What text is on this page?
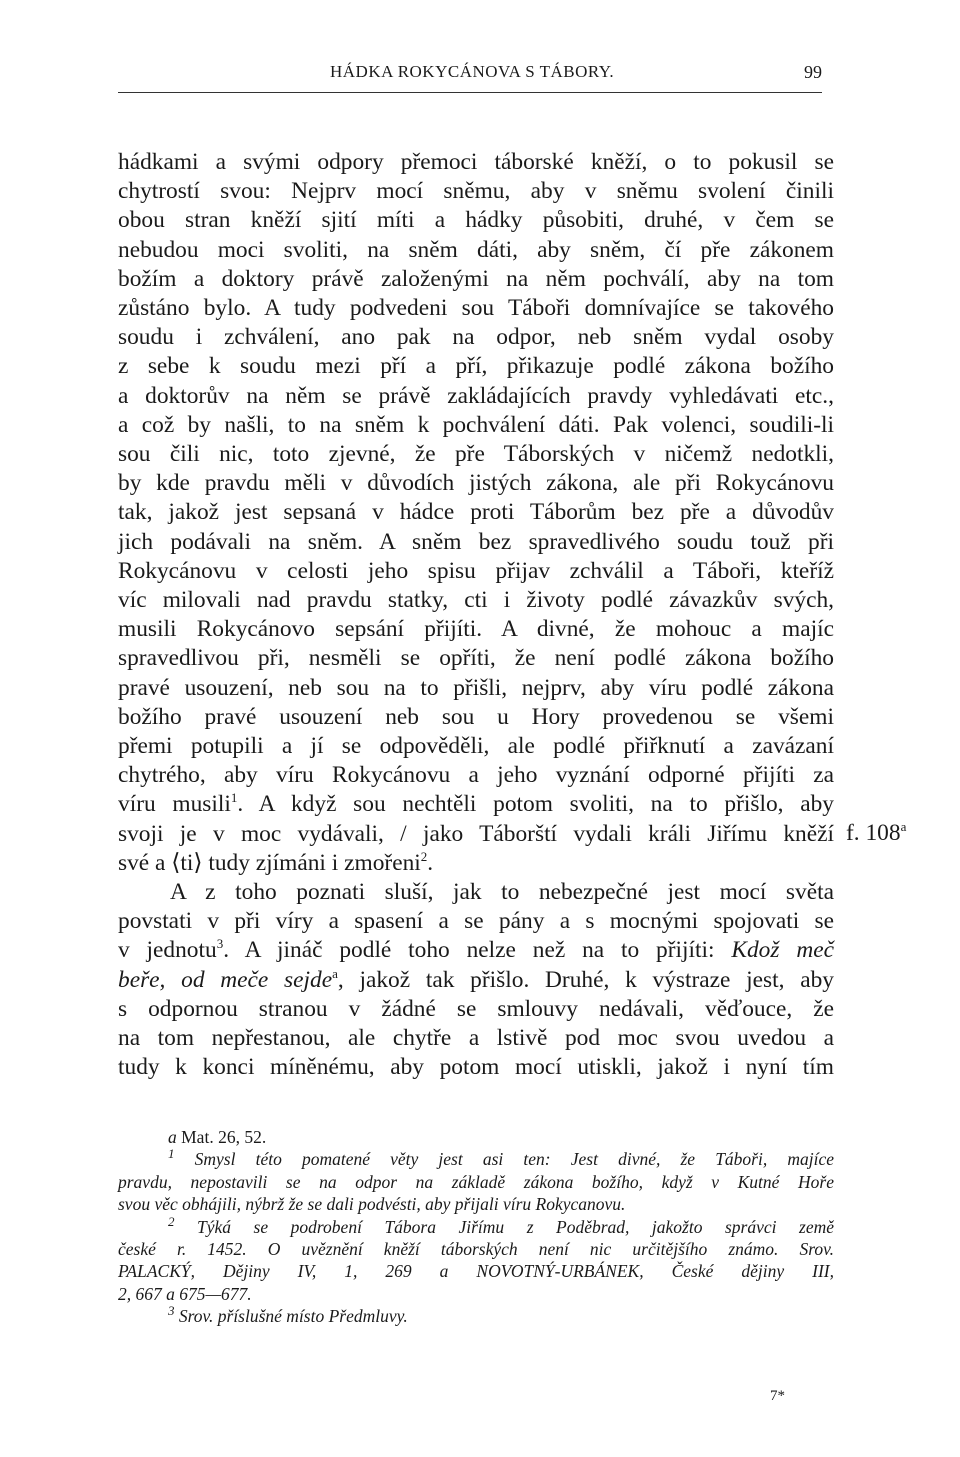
HÁDKA ROKYCÁNOVA S TÁBORY.	99
hádkami a svými odpory přemoci táborské kněží, o to pokusil se
chytrostí svou: Nejprv mocí sněmu, aby v sněmu svolení činili
obou stran kněží sjití míti a hádky působiti, druhé, v čem se
nebudou moci svoliti, na sněm dáti, aby sněm, čí pře zákonem
božím a doktory právě založenými na něm pochválí, aby na tom
zůstáno bylo. A tudy podvedeni sou Táboři domnívajíce se takového
soudu i zchválení, ano pak na odpor, neb sněm vydal osoby
z sebe k soudu mezi pří a pří, přikazuje podlé zákona božího
a doktorův na něm se právě zakládajících pravdy vyhledávati etc.,
a což by našli, to na sněm k pochválení dáti. Pak volenci, soudili-li
sou čili nic, toto zjevné, že pře Táborských v ničemž nedotkli,
by kde pravdu měli v důvodích jistých zákona, ale při Rokycánovu
tak, jakož jest sepsaná v hádce proti Táborům bez pře a důvodův
jich podávali na sněm. A sněm bez spravedlivého soudu touž při
Rokycánovu v celosti jeho spisu přijav zchválil a Táboři, kteříž
víc milovali nad pravdu statky, cti i životy podlé závazkův svých,
musili Rokycánovo sepsání přijíti. A divné, že mohouc a majíc
spravedlivou při, nesměli se opříti, že není podlé zákona božího
pravé usouzení, neb sou na to přišli, nejprv, aby víru podlé zákona
božího pravé usouzení neb sou u Hory provedenou se všemi
přemi potupili a jí se odpověděli, ale podlé přiřknutí a zavázaní
chytrého, aby víru Rokycánovu a jeho vyznání odporné přijíti za
víru musili$^1$. A když sou nechtěli potom svoliti, na to přišlo, aby
svoji je v moc vydávali, / jako Táborští vydali králi Jiřímu kněží
své a ⟨ti⟩ tudy zjímáni i zmořeni$^2$.
A z toho poznati sluší, jak to nebezpečné jest mocí světa
povstati v při víry a spasení a se pány a s mocnými spojovati se
v jednotu$^3$. A jináč podlé toho nelze než na to přijíti: Kdož meč
beře, od meče sejde$^a$, jakož tak přišlo. Druhé, k výstraze jest, aby
s odpornou stranou v žádné se smlouvy nedávali, věďouce, že
na tom nepřestanou, ale chytře a lstivě pod moc svou uvedou a
tudy k konci míněnému, aby potom mocí utiskli, jakož i nyní tím
f. 108$^a$
a Mat. 26, 52.
$^1$ Smysl této pomatené věty jest asi ten: Jest divné, že Táboři, majíce
pravdu, nepostavili se na odpor na základě zákona božího, když v Kutné Hoře
svou věc obhájili, nýbrž že se dali podvésti, aby přijali víru Rokycanovu.
$^2$ Týká se podrobení Tábora Jiřímu z Poděbrad, jakožto správci země
české r. 1452. O uvěznění kněží táborských není nic určitějšího známo. Srov.
PALACKÝ, Dějiny IV, 1, 269 a NOVOTNÝ-URBÁNEK, České dějiny III,
2, 667 a 675—677.
$^3$ Srov. příslušné místo Předmluvy.
7*
